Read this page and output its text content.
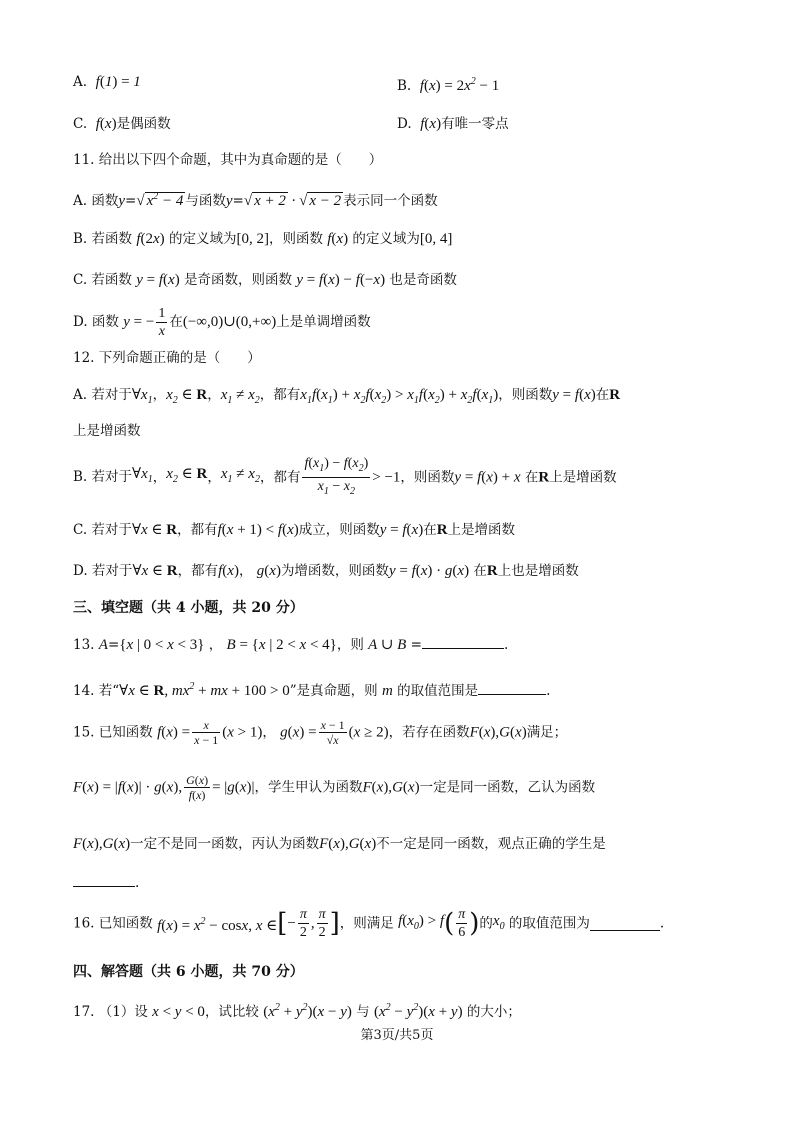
A. f(1) = 1	B. $f(x) = 2x^2 - 1$
C. f(x)是偶函数	D. f(x)有唯一零点
11. 给出以下四个命题，其中为真命题的是（　　）
A. 函数y=√ $x^2 - 4$ 与函数y=√ x + 2 · √ x − 2 表示同一个函数
B. 若函数 f(2x) 的定义域为[0, 2]，则函数 f(x) 的定义域为[0, 4]
C. 若函数 y = f(x) 是奇函数，则函数 y = f(x) − f(−x) 也是奇函数
D. 函数 y = − $\frac{1}{x}$ 在(−∞,0)∪(0,+∞)上是单调增函数
12. 下列命题正确的是（　　）
A. 若对于$\forall x_1$，$x_2$ ∈ R，$x_1 \ne x_2$，都有$x_1f(x_1) + x_2f(x_2) > x_1f(x_2) + x_2f(x_1)$，则函数y = f(x)在R
上是增函数
B. 若对于$\forall x_1$，$x_2$ ∈ R，$x_1 \ne x_2$，都有 $\frac{f(x_1) - f(x_2)}{x_1 - x_2} > -1$，则函数y = f(x) + x 在R上是增函数
C. 若对于∀x ∈ R，都有f(x + 1) < f(x)成立，则函数y = f(x)在R上是增函数
D. 若对于∀x ∈ R，都有f(x)， g(x)为增函数，则函数y = f(x) · g(x) 在R上也是增函数
三、填空题（共 4 小题，共 20 分）
13. A={x | 0 < x < 3} ， B = {x | 2 < x < 4}，则 A ∪ B =	.
14. 若“∀x ∈ R, $mx^2$ + mx + 100 > 0”是真命题，则 m 的取值范围是	.
15. 已知函数 $f(x) = \frac{x}{x - 1} (x > 1)$， $g(x) = \frac{x - 1}{√x} (x \ge 2)$，若存在函数F(x),G(x)满足；
F(x) = |f(x)| · g(x), $\frac{G(x)}{f(x)} = |g(x)|$，学生甲认为函数F(x),G(x)一定是同一函数，乙认为函数
F(x),G(x)一定不是同一函数，丙认为函数F(x),G(x)不一定是同一函数，观点正确的学生是
.
16. 已知函数 $f(x) = x^2 - \cos x$, x ∈[− $\frac{\pi}{2}$ , $\frac{\pi}{2}$ ]，则满足 $f(x_0) > f( \frac{\pi}{6}$ )的$x_0$ 的取值范围为	.
四、解答题（共 6 小题，共 70 分）
17. （1）设 x < y < 0，试比较 $(x^2 + y^2)(x - y)$ 与 $(x^2 - y^2)(x + y)$ 的大小；
第3页/共5页
